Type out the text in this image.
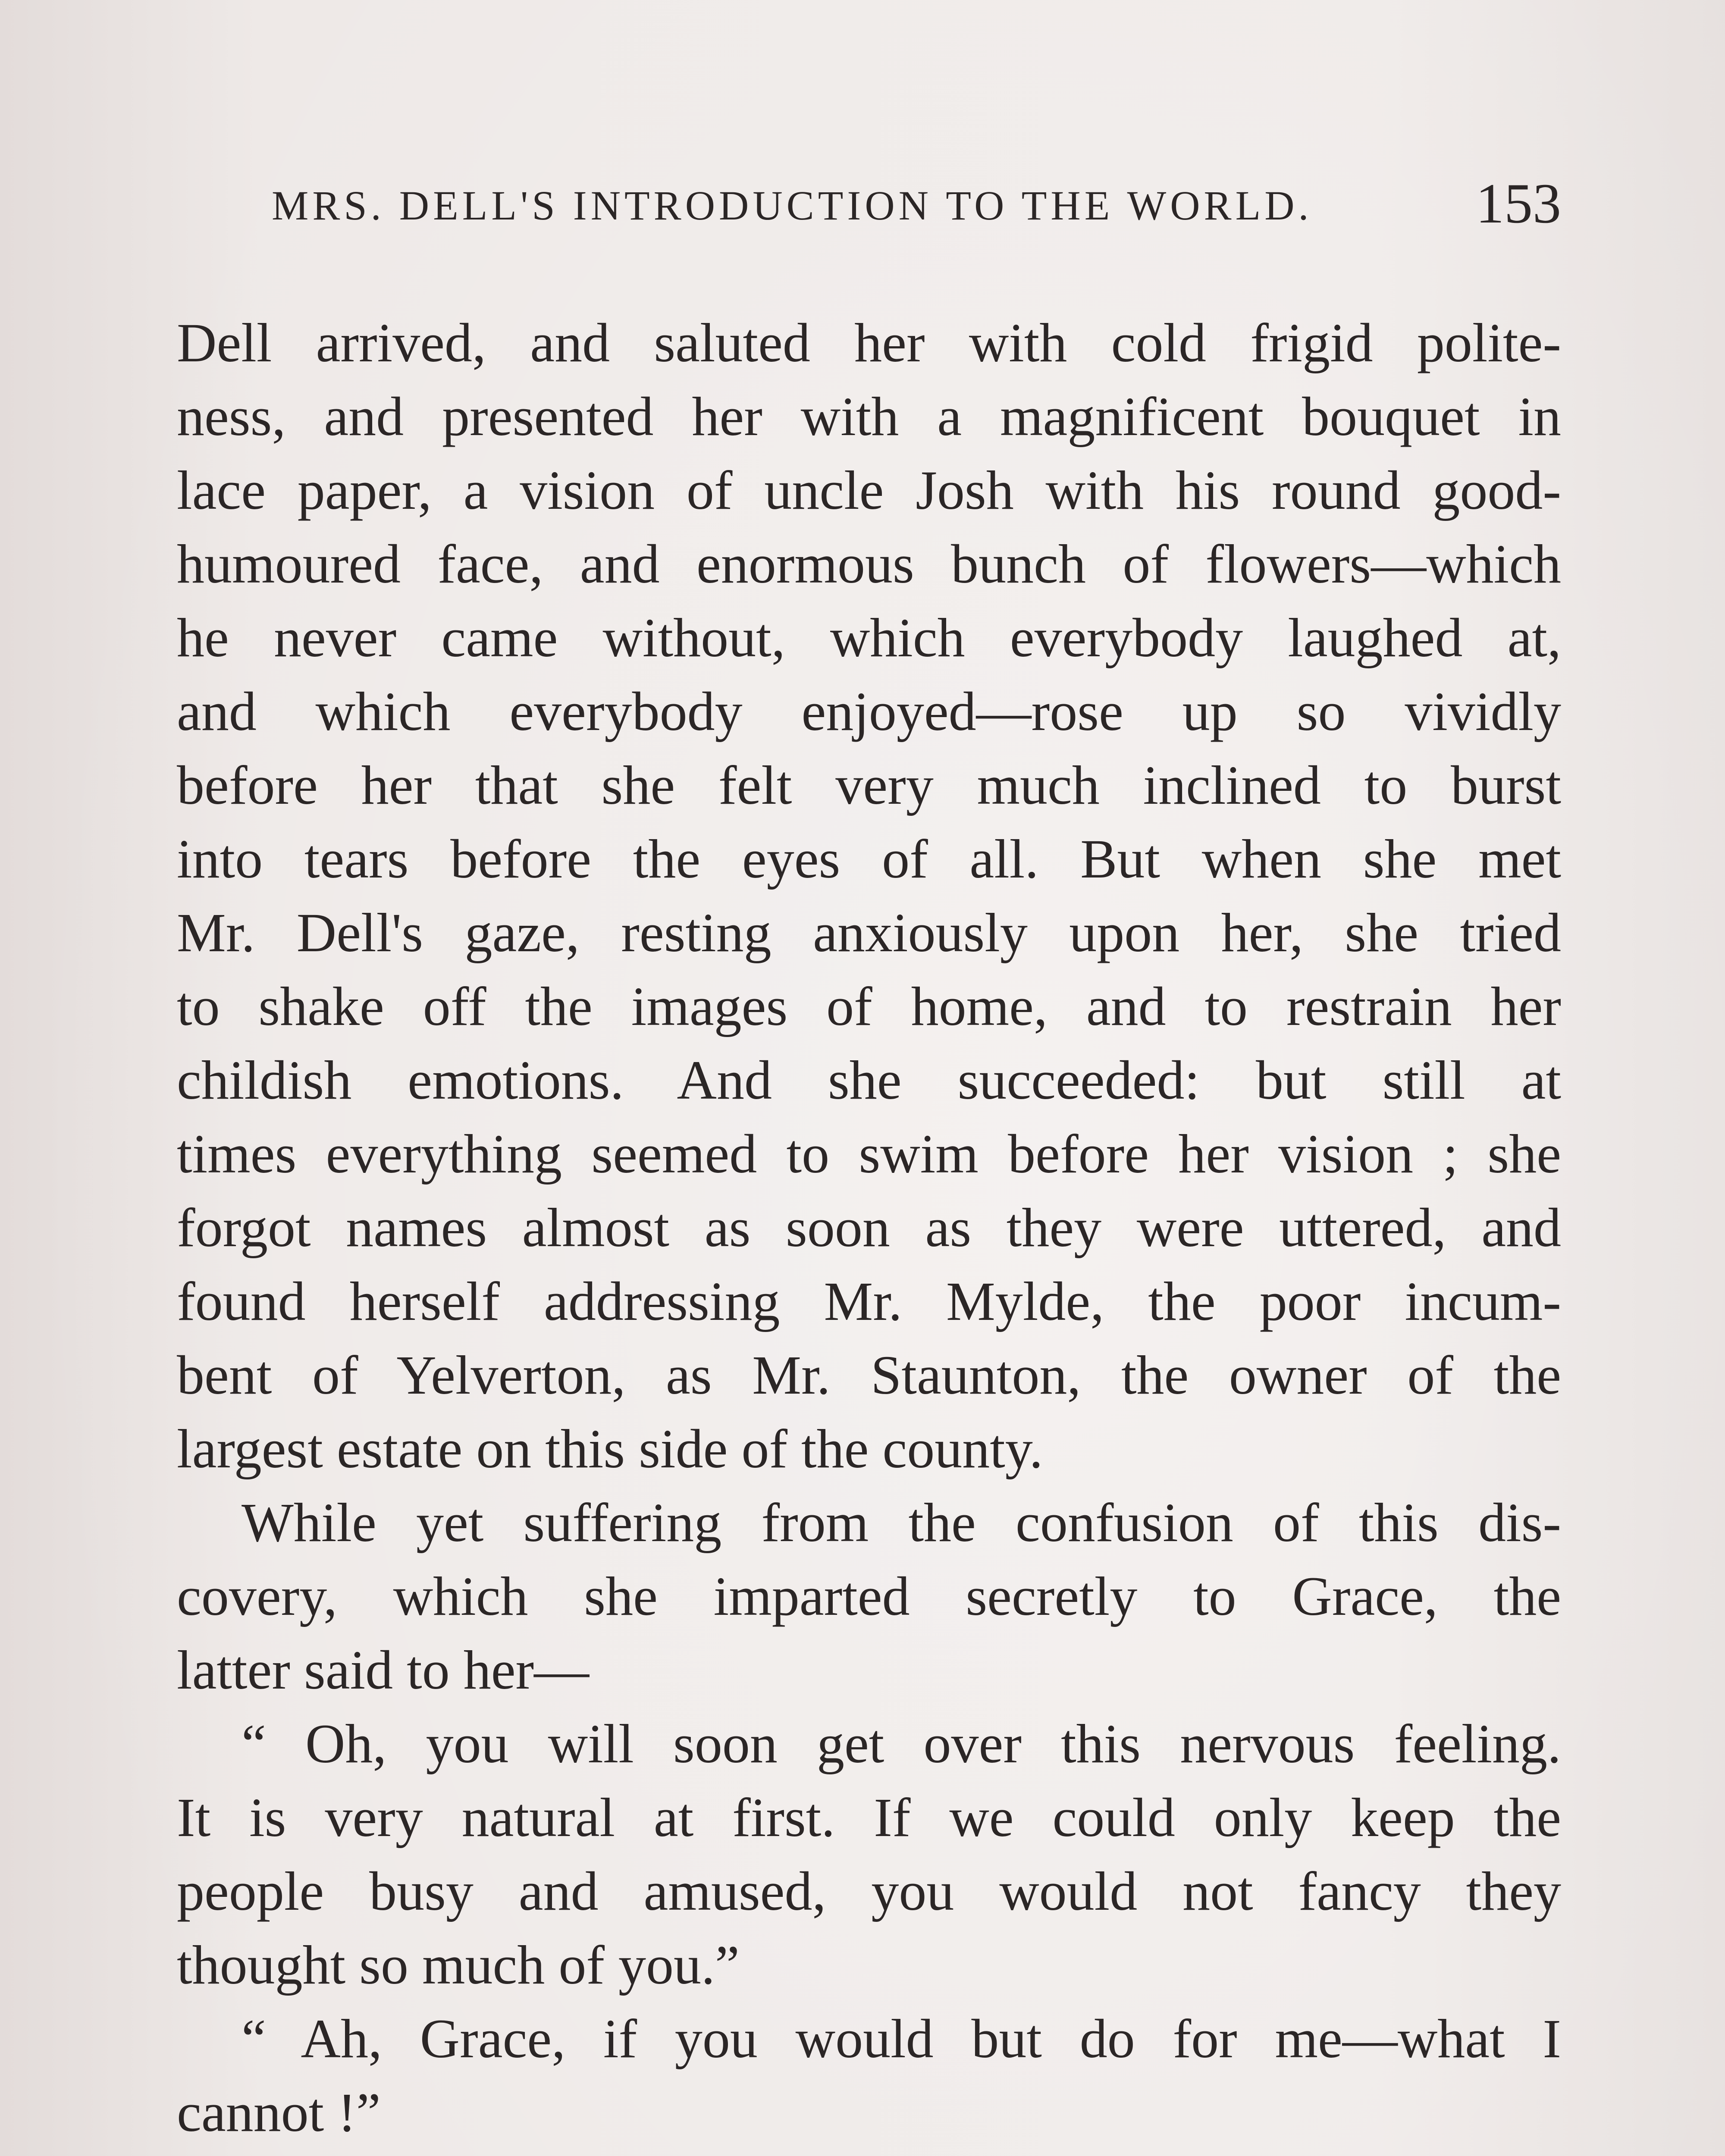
MRS. DELL'S INTRODUCTION TO THE WORLD.	153
Dell arrived, and saluted her with cold frigid polite-
ness, and presented her with a magnificent bouquet in
lace paper, a vision of uncle Josh with his round good-
humoured face, and enormous bunch of flowers—which
he never came without, which everybody laughed at,
and which everybody enjoyed—rose up so vividly
before her that she felt very much inclined to burst
into tears before the eyes of all. But when she met
Mr. Dell's gaze, resting anxiously upon her, she tried
to shake off the images of home, and to restrain her
childish emotions. And she succeeded: but still at
times everything seemed to swim before her vision ; she
forgot names almost as soon as they were uttered, and
found herself addressing Mr. Mylde, the poor incum-
bent of Yelverton, as Mr. Staunton, the owner of the
largest estate on this side of the county.
While yet suffering from the confusion of this dis-
covery, which she imparted secretly to Grace, the
latter said to her—
“ Oh, you will soon get over this nervous feeling.
It is very natural at first. If we could only keep the
people busy and amused, you would not fancy they
thought so much of you.”
“ Ah, Grace, if you would but do for me—what I
cannot !”
